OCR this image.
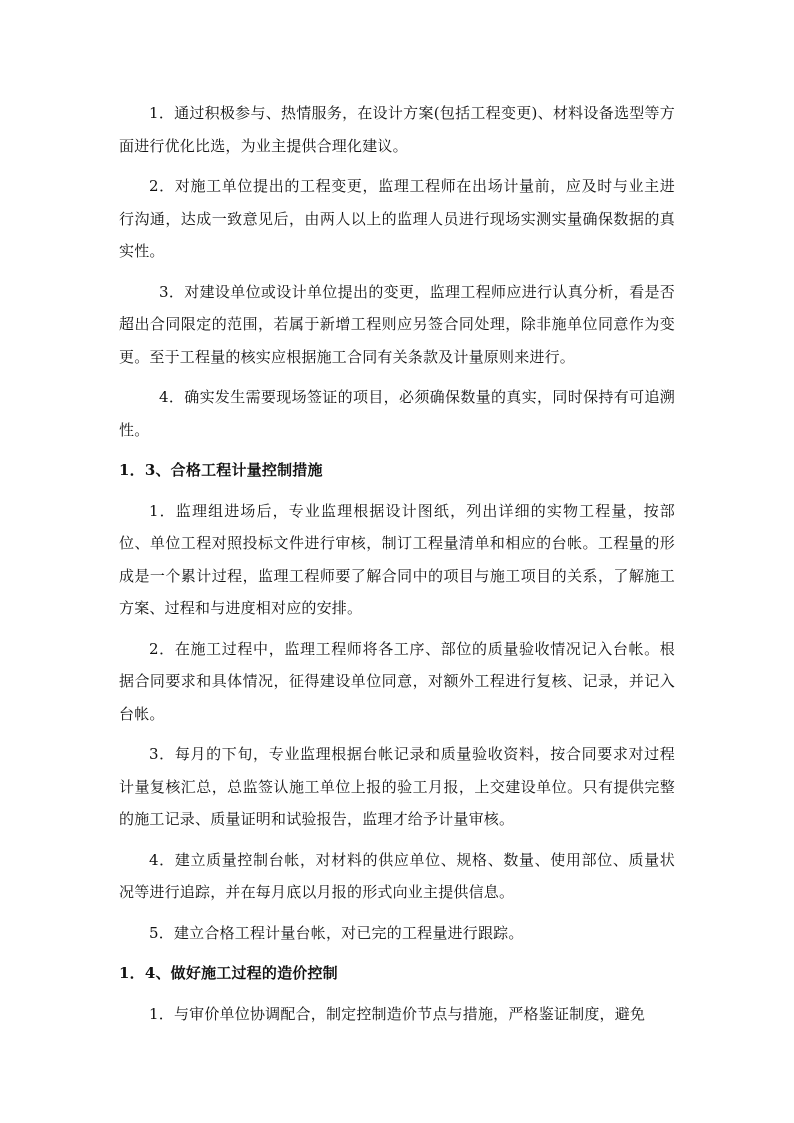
1．通过积极参与、热情服务，在设计方案(包括工程变更)、材料设备选型等方面进行优化比选，为业主提供合理化建议。

2．对施工单位提出的工程变更，监理工程师在出场计量前，应及时与业主进行沟通，达成一致意见后，由两人以上的监理人员进行现场实测实量确保数据的真实性。

3．对建设单位或设计单位提出的变更，监理工程师应进行认真分析，看是否超出合同限定的范围，若属于新增工程则应另签合同处理，除非施单位同意作为变更。至于工程量的核实应根据施工合同有关条款及计量原则来进行。

4．确实发生需要现场签证的项目，必须确保数量的真实，同时保持有可追溯性。

1．3、合格工程计量控制措施

1．监理组进场后，专业监理根据设计图纸，列出详细的实物工程量，按部位、单位工程对照投标文件进行审核，制订工程量清单和相应的台帐。工程量的形成是一个累计过程，监理工程师要了解合同中的项目与施工项目的关系，了解施工方案、过程和与进度相对应的安排。

2．在施工过程中，监理工程师将各工序、部位的质量验收情况记入台帐。根据合同要求和具体情况，征得建设单位同意，对额外工程进行复核、记录，并记入台帐。

3．每月的下旬，专业监理根据台帐记录和质量验收资料，按合同要求对过程计量复核汇总，总监签认施工单位上报的验工月报，上交建设单位。只有提供完整的施工记录、质量证明和试验报告，监理才给予计量审核。

4．建立质量控制台帐，对材料的供应单位、规格、数量、使用部位、质量状况等进行追踪，并在每月底以月报的形式向业主提供信息。

5．建立合格工程计量台帐，对已完的工程量进行跟踪。

1．4、做好施工过程的造价控制

1．与审价单位协调配合，制定控制造价节点与措施，严格鉴证制度，避免
